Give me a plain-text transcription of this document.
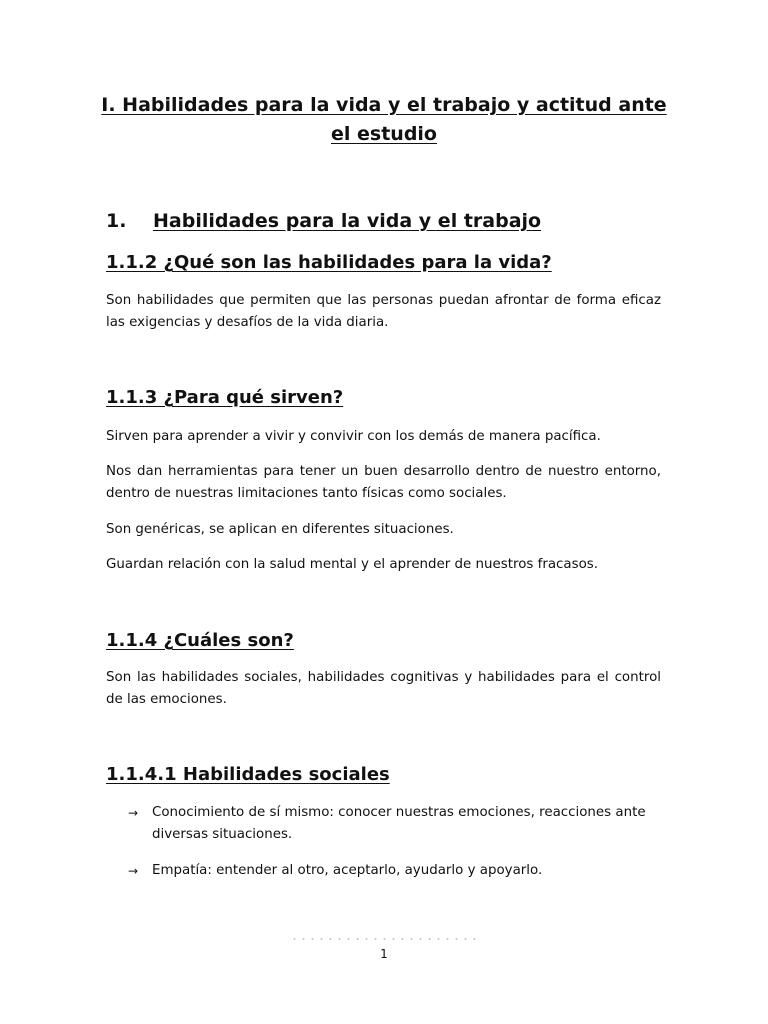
I. Habilidades para la vida y el trabajo y actitud ante el estudio
1. Habilidades para la vida y el trabajo
1.1.2 ¿Qué son las habilidades para la vida?

Son habilidades que permiten que las personas puedan afrontar de forma eficaz las exigencias y desafíos de la vida diaria.

1.1.3 ¿Para qué sirven?

Sirven para aprender a vivir y convivir con los demás de manera pacífica.

Nos dan herramientas para tener un buen desarrollo dentro de nuestro entorno, dentro de nuestras limitaciones tanto físicas como sociales.

Son genéricas, se aplican en diferentes situaciones.

Guardan relación con la salud mental y el aprender de nuestros fracasos.

1.1.4 ¿Cuáles son?

Son las habilidades sociales, habilidades cognitivas y habilidades para el control de las emociones.

1.1.4.1 Habilidades sociales
→	Conocimiento de sí mismo: conocer nuestras emociones, reacciones ante diversas situaciones.
→	Empatía: entender al otro, aceptarlo, ayudarlo y apoyarlo.
1
